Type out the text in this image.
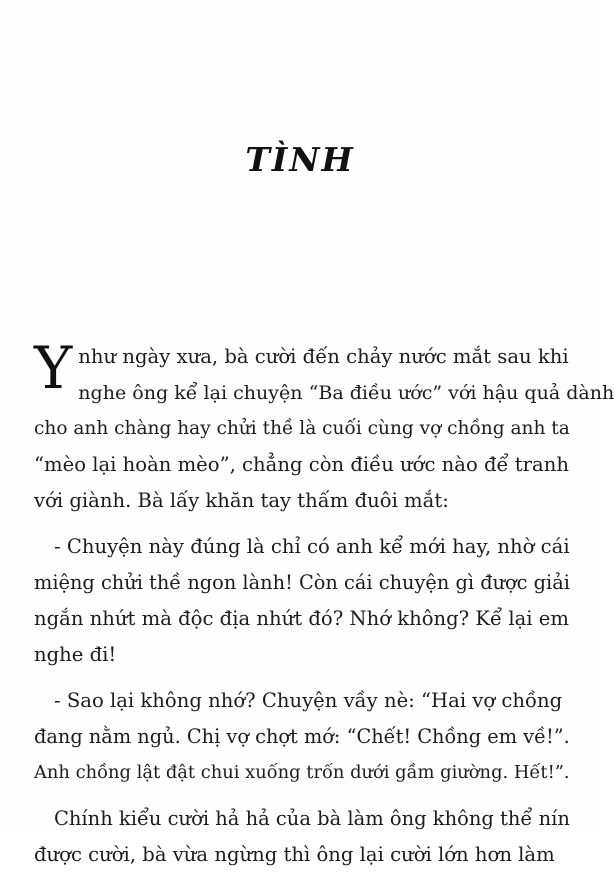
TÌNH
Y như ngày xưa, bà cười đến chảy nước mắt sau khi
nghe ông kể lại chuyện “Ba điều ước” với hậu quả dành
cho anh chàng hay chửi thề là cuối cùng vợ chồng anh ta
“mèo lại hoàn mèo”, chẳng còn điều ước nào để tranh
với giành. Bà lấy khăn tay thấm đuôi mắt:
- Chuyện này đúng là chỉ có anh kể mới hay, nhờ cái
miệng chửi thề ngon lành! Còn cái chuyện gì được giải
ngắn nhứt mà độc địa nhứt đó? Nhớ không? Kể lại em
nghe đi!
- Sao lại không nhớ? Chuyện vầy nè: “Hai vợ chồng
đang nằm ngủ. Chị vợ chợt mớ: “Chết! Chồng em về!”.
Anh chồng lật đật chui xuống trốn dưới gầm giường. Hết!”.
Chính kiểu cười hả hả của bà làm ông không thể nín
được cười, bà vừa ngừng thì ông lại cười lớn hơn làm
